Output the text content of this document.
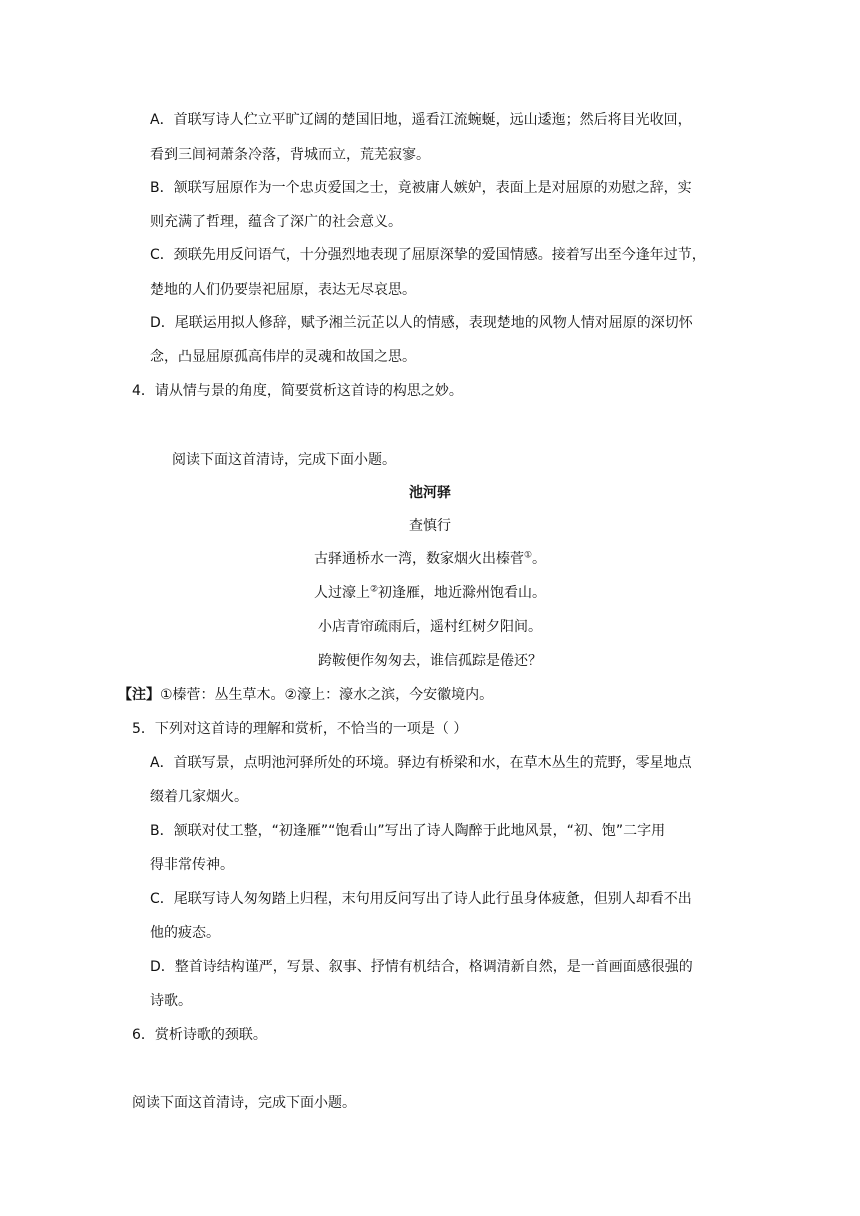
A．首联写诗人伫立平旷辽阔的楚国旧地，遥看江流蜿蜒，远山逶迤；然后将目光收回，
看到三闾祠萧条冷落，背城而立，荒芜寂寥。
B．颔联写屈原作为一个忠贞爱国之士，竟被庸人嫉妒，表面上是对屈原的劝慰之辞，实
则充满了哲理，蕴含了深广的社会意义。
C．颈联先用反问语气，十分强烈地表现了屈原深挚的爱国情感。接着写出至今逢年过节，
楚地的人们仍要崇祀屈原，表达无尽哀思。
D．尾联运用拟人修辞，赋予湘兰沅芷以人的情感，表现楚地的风物人情对屈原的深切怀
念，凸显屈原孤高伟岸的灵魂和故国之思。
4．请从情与景的角度，简要赏析这首诗的构思之妙。
阅读下面这首清诗，完成下面小题。
池河驿
查慎行
古驿通桥水一湾，数家烟火出榛菅①。
人过濠上②初逢雁，地近滁州饱看山。
小店青帘疏雨后，遥村红树夕阳间。
跨鞍便作匆匆去，谁信孤踪是倦还？
【注】①榛菅：丛生草木。②濠上：濠水之滨，今安徽境内。
5．下列对这首诗的理解和赏析，不恰当的一项是（ ）
A．首联写景，点明池河驿所处的环境。驿边有桥梁和水，在草木丛生的荒野，零星地点
缀着几家烟火。
B．颔联对仗工整，“初逢雁”“饱看山”写出了诗人陶醉于此地风景，“初、饱”二字用
得非常传神。
C．尾联写诗人匆匆踏上归程，末句用反问写出了诗人此行虽身体疲惫，但别人却看不出
他的疲态。
D．整首诗结构谨严，写景、叙事、抒情有机结合，格调清新自然，是一首画面感很强的
诗歌。
6．赏析诗歌的颈联。
阅读下面这首清诗，完成下面小题。
